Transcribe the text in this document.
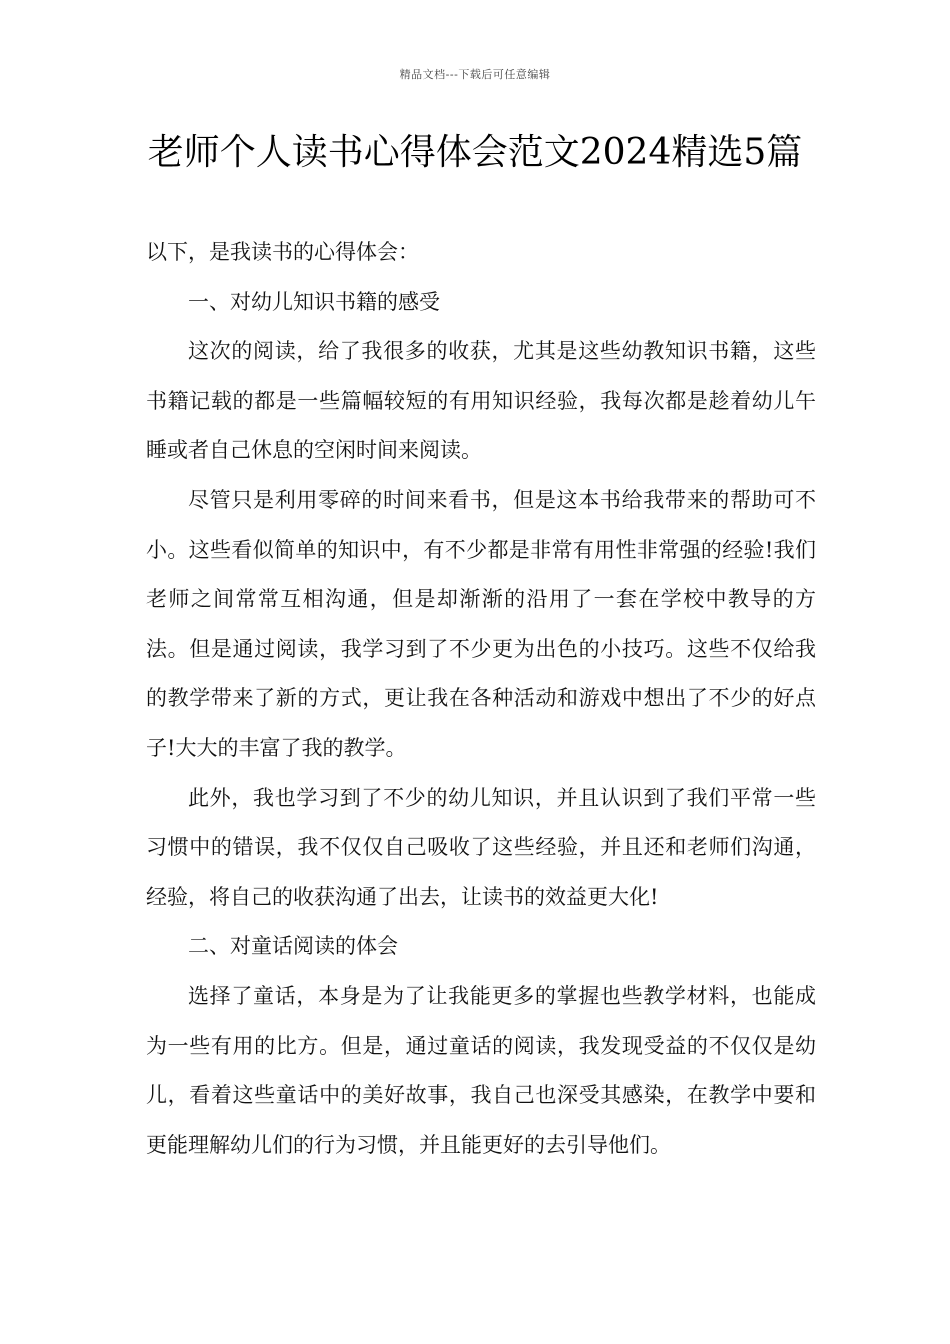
精品文档---下载后可任意编辑
老师个人读书心得体会范文2024精选5篇

以下，是我读书的心得体会：

一、对幼儿知识书籍的感受

这次的阅读，给了我很多的收获，尤其是这些幼教知识书籍，这些书籍记载的都是一些篇幅较短的有用知识经验，我每次都是趁着幼儿午睡或者自己休息的空闲时间来阅读。

尽管只是利用零碎的时间来看书，但是这本书给我带来的帮助可不小。这些看似简单的知识中，有不少都是非常有用性非常强的经验!我们老师之间常常互相沟通，但是却渐渐的沿用了一套在学校中教导的方法。但是通过阅读，我学习到了不少更为出色的小技巧。这些不仅给我的教学带来了新的方式，更让我在各种活动和游戏中想出了不少的好点子!大大的丰富了我的教学。

此外，我也学习到了不少的幼儿知识，并且认识到了我们平常一些习惯中的错误，我不仅仅自己吸收了这些经验，并且还和老师们沟通，经验，将自己的收获沟通了出去，让读书的效益更大化!

二、对童话阅读的体会

选择了童话，本身是为了让我能更多的掌握也些教学材料，也能成为一些有用的比方。但是，通过童话的阅读，我发现受益的不仅仅是幼儿，看着这些童话中的美好故事，我自己也深受其感染，在教学中要和更能理解幼儿们的行为习惯，并且能更好的去引导他们。
